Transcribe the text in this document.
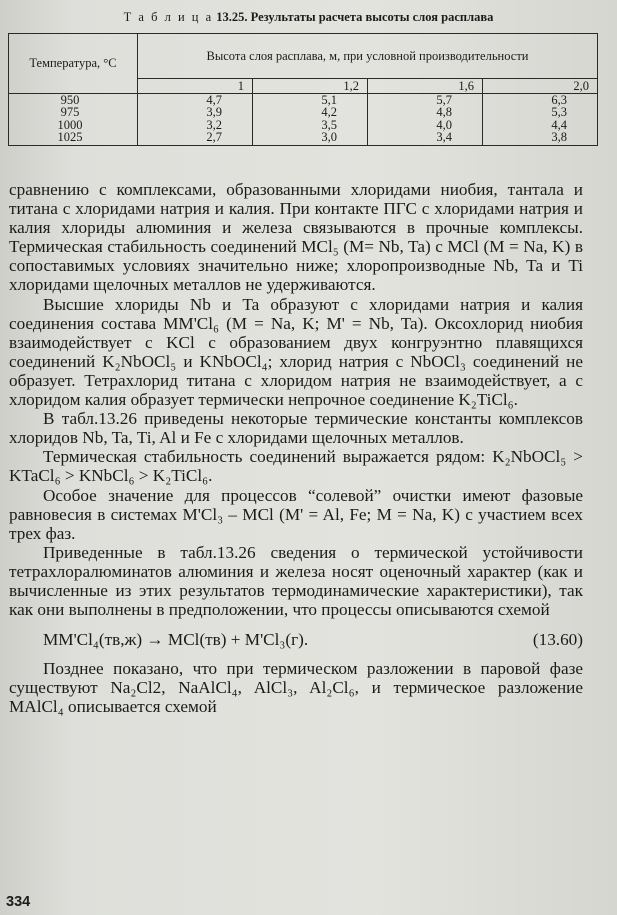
Т а б л и ц а 13.25. Результаты расчета высоты слоя расплава
Температура, °С	Высота слоя расплава, м, при условной производительности			
	1	1,2	1,6	2,0
950	4,7	5,1	5,7	6,3
975	3,9	4,2	4,8	5,3
1000	3,2	3,5	4,0	4,4
1025	2,7	3,0	3,4	3,8

сравнению с комплексами, образованными хлоридами ниобия, тантала и титана с хлоридами натрия и калия. При контакте ПГС с хлоридами натрия и калия хлориды алюминия и железа связываются в прочные комплексы. Термическая стабильность соединений MCl₅ (M= Nb, Ta) с MCl (M = Na, K) в сопоставимых условиях значительно ниже; хлоропроизводные Nb, Ta и Ti хлоридами щелочных металлов не удерживаются.

Высшие хлориды Nb и Ta образуют с хлоридами натрия и калия соединения состава MM'Cl₆ (M = Na, K; M' = Nb, Ta). Оксохлорид ниобия взаимодействует с KCl с образованием двух конгруэнтно плавящихся соединений K₂NbOCl₅ и KNbOCl₄; хлорид натрия с NbOCl₃ соединений не образует. Тетрахлорид титана с хлоридом натрия не взаимодействует, а с хлоридом калия образует термически непрочное соединение K₂TiCl₆.

В табл.13.26 приведены некоторые термические константы комплексов хлоридов Nb, Ta, Ti, Al и Fe с хлоридами щелочных металлов.

Термическая стабильность соединений выражается рядом: K₂NbOCl₅ > KTaCl₆ > KNbCl₆ > K₂TiCl₆.

Особое значение для процессов “солевой” очистки имеют фазовые равновесия в системах M'Cl₃ – MCl (M' = Al, Fe; M = Na, K) с участием всех трех фаз.

Приведенные в табл.13.26 сведения о термической устойчивости тетрахлоралюминатов алюминия и железа носят оценочный характер (как и вычисленные из этих результатов термодинамические характеристики), так как они выполнены в предположении, что процессы описываются схемой

MM'Cl₄(тв,ж) → MCl(тв) + M'Cl₃(г).	(13.60)

Позднее показано, что при термическом разложении в паровой фазе существуют Na₂Cl2, NaAlCl₄, AlCl₃, Al₂Cl₆, и термическое разложение MAlCl₄ описывается схемой

334
